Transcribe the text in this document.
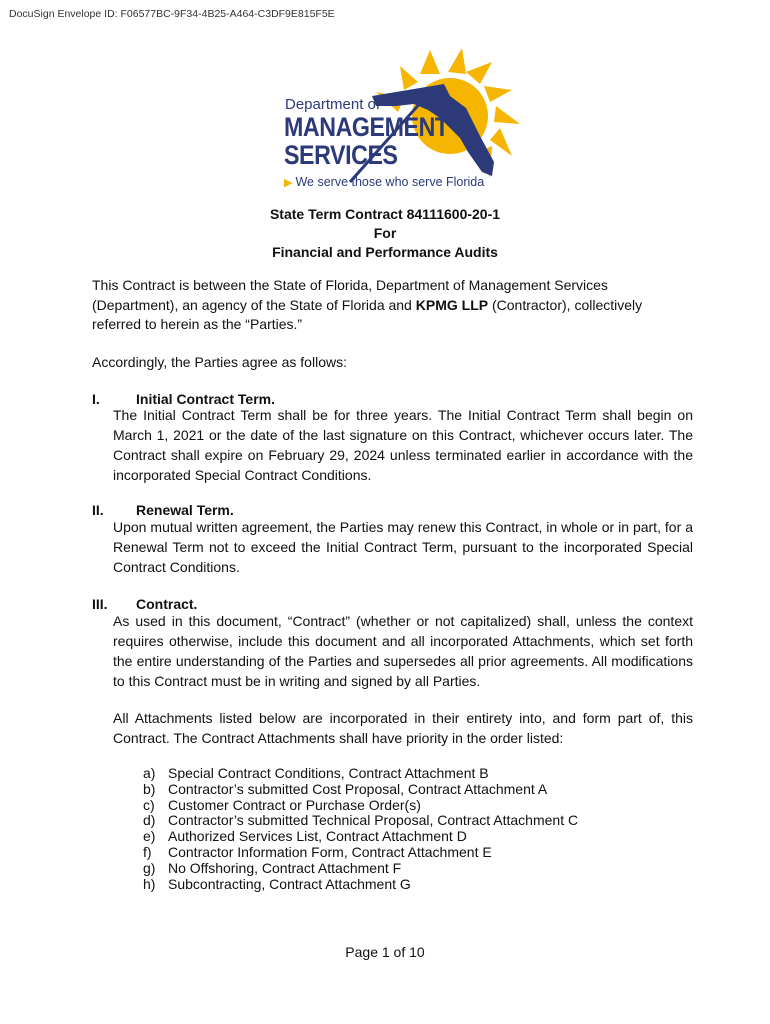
DocuSign Envelope ID: F06577BC-9F34-4B25-A464-C3DF9E815F5E
Department of
MANAGEMENT
SERVICES
▶ We serve those who serve Florida
State Term Contract 84111600-20-1
For
Financial and Performance Audits
This Contract is between the State of Florida, Department of Management Services (Department), an agency of the State of Florida and KPMG LLP (Contractor), collectively referred to herein as the “Parties.”
Accordingly, the Parties agree as follows:
I.	Initial Contract Term.
The Initial Contract Term shall be for three years. The Initial Contract Term shall begin on March 1, 2021 or the date of the last signature on this Contract, whichever occurs later. The Contract shall expire on February 29, 2024 unless terminated earlier in accordance with the incorporated Special Contract Conditions.
II. Renewal Term.
Upon mutual written agreement, the Parties may renew this Contract, in whole or in part, for a Renewal Term not to exceed the Initial Contract Term, pursuant to the incorporated Special Contract Conditions.
III. Contract.
As used in this document, “Contract” (whether or not capitalized) shall, unless the context requires otherwise, include this document and all incorporated Attachments, which set forth the entire understanding of the Parties and supersedes all prior agreements. All modifications to this Contract must be in writing and signed by all Parties.
All Attachments listed below are incorporated in their entirety into, and form part of, this Contract. The Contract Attachments shall have priority in the order listed:
a) Special Contract Conditions, Contract Attachment B
b) Contractor’s submitted Cost Proposal, Contract Attachment A
c) Customer Contract or Purchase Order(s)
d) Contractor’s submitted Technical Proposal, Contract Attachment C
e) Authorized Services List, Contract Attachment D
f)	Contractor Information Form, Contract Attachment E
g) No Offshoring, Contract Attachment F
h) Subcontracting, Contract Attachment G
Page 1 of 10
